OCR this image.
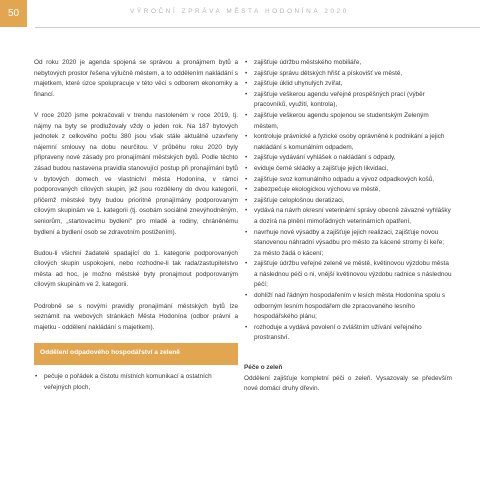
50	VÝROČNÍ ZPRÁVA MĚSTA HODONÍNA 2020

Od roku 2020 je agenda spojená se správou a pronájmem bytů a nebytových prostor řešena výlučně městem, a to oddělením nakládání s majetkem, které úzce spolupracuje v této věci s odborem ekonomiky a financí.

V roce 2020 jsme pokračovali v trendu nastoleném v roce 2019, tj. nájmy na byty se prodlužovaly vždy o jeden rok. Na 187 bytových jednotek z celkového počtu 380 jsou však stále aktuálně uzavřeny nájemní smlouvy na dobu neurčitou. V průběhu roku 2020 byly připraveny nové zásady pro pronajímání městských bytů. Podle těchto zásad budou nastavena pravidla stanovující postup při pronajímání bytů v bytových domech ve vlastnictví města Hodonína, v rámci podporovaných cílových skupin, jež jsou rozděleny do dvou kategorií, přičemž městské byty budou prioritně pronajímány podporovaným cílovým skupinám ve 1. kategorii (tj. osobám sociálně znevýhodněným, seniorům, „startovacímu bydlení“ pro mladé a rodiny, chráněnému bydlení a bydlení osob se zdravotním postižením).

Budou-li všichni žadatelé spadající do 1. kategorie podporovaných cílových skupin uspokojeni, nebo rozhodne-li tak rada/zastupitelstvo města ad hoc, je možno městské byty pronajmout podporovaným cílovým skupinám ve 2. kategorii.

Podrobně se s novými pravidly pronajímání městských bytů lze seznámit na webových stránkách Města Hodonína (odbor právní a majetku - oddělení nakládání s majetkem).

Oddělení odpadového hospodářství a zeleně
• pečuje o pořádek a čistotu místních komunikací a ostatních veřejných ploch,
• zajišťuje údržbu městského mobiliáře,
• zajišťuje správu dětských hřišť a pískovišť ve městě,
• zajišťuje úklid uhynulých zvířat,
• zajišťuje veškerou agendu veřejně prospěšných prací (výběr pracovníků, využití, kontrola),
• zajišťuje veškerou agendu spojenou se studentským Zeleným městem,
• kontroluje právnické a fyzické osoby oprávněné k podnikání a jejich nakládání s komunálním odpadem,
• zajišťuje vydávání vyhlášek o nakládání s odpady,
• eviduje černé skládky a zajišťuje jejich likvidaci,
• zajišťuje svoz komunálního odpadu a vývoz odpadkových košů,
• zabezpečuje ekologickou výchovu ve městě,
• zajišťuje celoplošnou deratizaci,
• vydává na návrh okresní veterinární správy obecně závazné vyhlášky a dozírá na plnění mimořádných veterinárních opatření,
• navrhuje nové výsadby a zajišťuje jejich realizaci, zajišťuje novou stanovenou náhradní výsadbu pro město za kácené stromy či keře; za město žádá o kácení;
• zajišťuje údržbu veřejné zeleně ve městě, květinovou výzdobu města a následnou péči o ni, vnější květinovou výzdobu radnice s následnou péčí;
• dohlíží nad řádným hospodařením v lesích města Hodonína spolu s odborným lesním hospodářem dle zpracovaného lesního hospodářského plánu;
• rozhoduje a vydává povolení o zvláštním užívání veřejného prostranství.
Péče o zeleň

Oddělení zajišťuje kompletní péči o zeleň. Vysazovaly se především nové domácí druhy dřevin.
